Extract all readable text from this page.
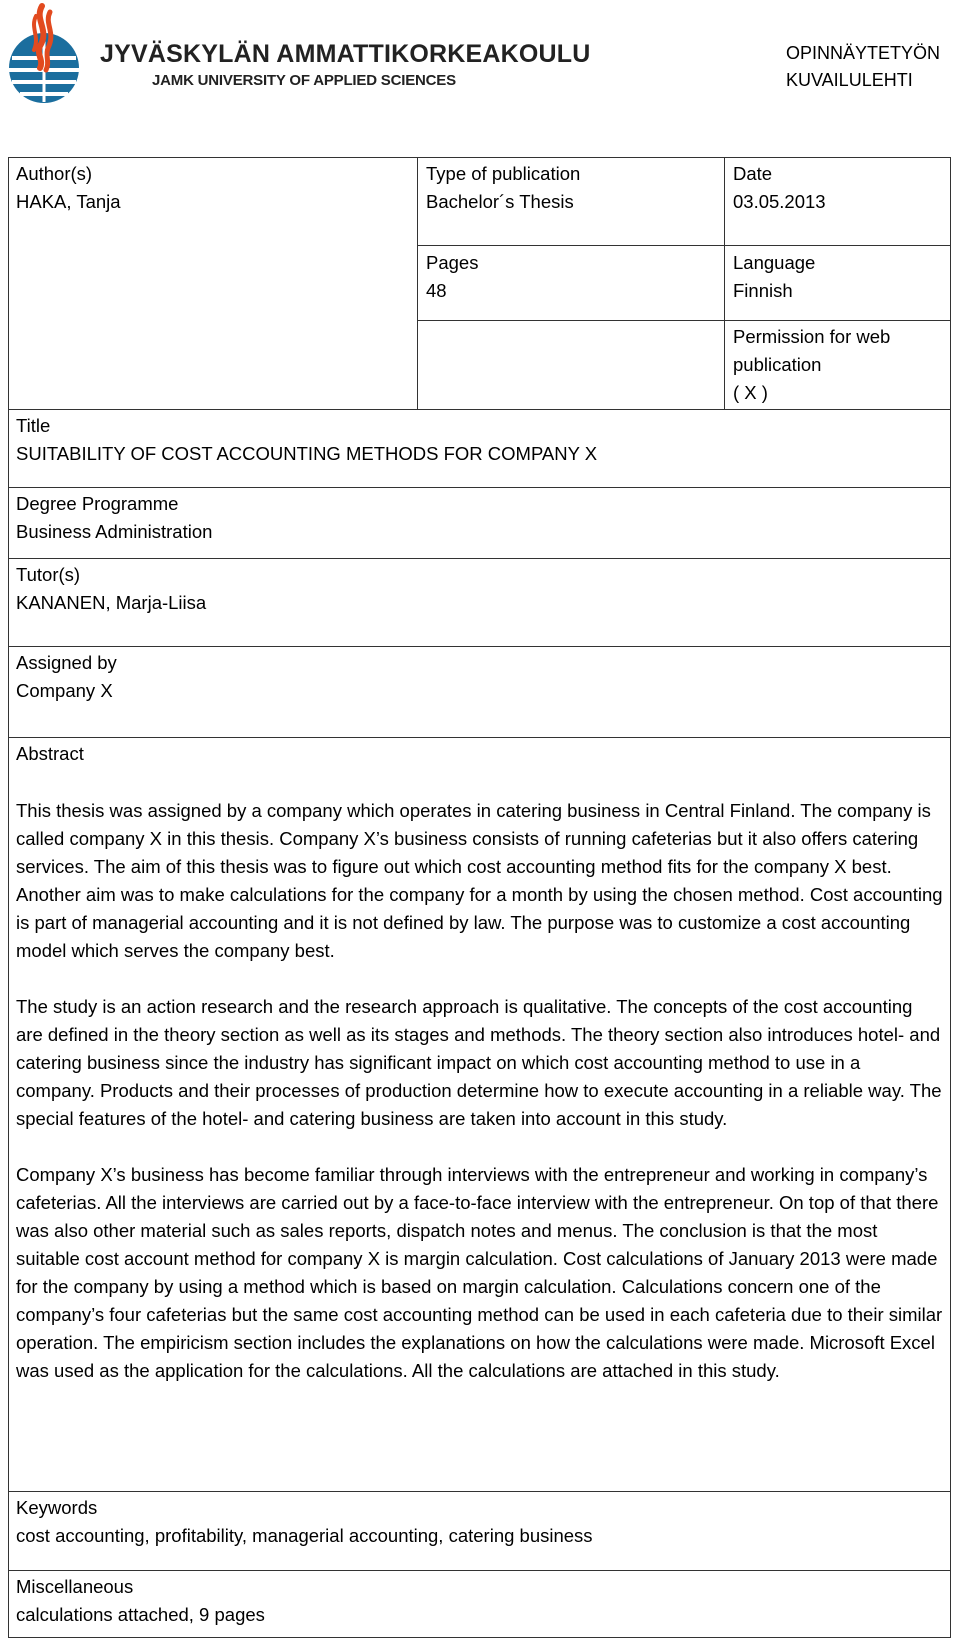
JYVÄSKYLÄN AMMATTIKORKEAKOULU
JAMK UNIVERSITY OF APPLIED SCIENCES
OPINNÄYTETYÖN
KUVAILULEHTI
Author(s)
HAKA, Tanja
Type of publication
Bachelor´s Thesis
Date
03.05.2013
Pages
48
Language
Finnish
Permission for web
publication
( X )
Title
SUITABILITY OF COST ACCOUNTING METHODS FOR COMPANY X
Degree Programme
Business Administration
Tutor(s)
KANANEN, Marja-Liisa
Assigned by
Company X
Abstract

This thesis was assigned by a company which operates in catering business in Central Finland. The company is called company X in this thesis. Company X’s business consists of running cafeterias but it also offers catering services. The aim of this thesis was to figure out which cost accounting method fits for the company X best. Another aim was to make calculations for the company for a month by using the chosen method. Cost accounting is part of managerial accounting and it is not defined by law. The purpose was to customize a cost accounting model which serves the company best.

The study is an action research and the research approach is qualitative. The concepts of the cost accounting are defined in the theory section as well as its stages and methods. The theory section also introduces hotel- and catering business since the industry has significant impact on which cost accounting method to use in a company. Products and their processes of production determine how to execute accounting in a reliable way. The special features of the hotel- and catering business are taken into account in this study.

Company X’s business has become familiar through interviews with the entrepreneur and working in company’s cafeterias. All the interviews are carried out by a face-to-face interview with the entrepreneur. On top of that there was also other material such as sales reports, dispatch notes and menus. The conclusion is that the most suitable cost account method for company X is margin calculation. Cost calculations of January 2013 were made for the company by using a method which is based on margin calculation. Calculations concern one of the company’s four cafeterias but the same cost accounting method can be used in each cafeteria due to their similar operation. The empiricism section includes the explanations on how the calculations were made. Microsoft Excel was used as the application for the calculations. All the calculations are attached in this study.

Keywords
cost accounting, profitability, managerial accounting, catering business
Miscellaneous
calculations attached, 9 pages
